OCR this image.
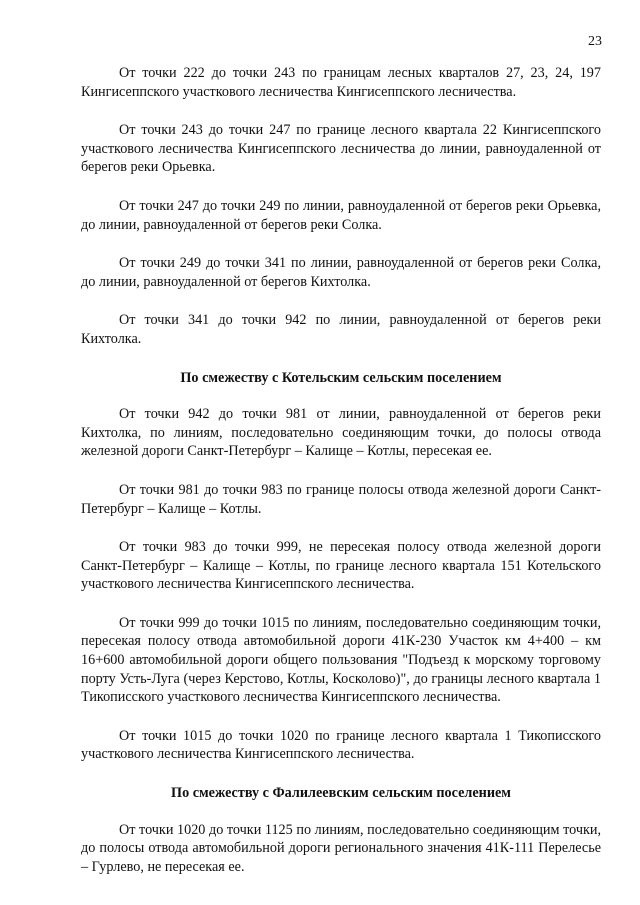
23

От точки 222 до точки 243 по границам лесных кварталов 27, 23, 24, 197 Кингисеппского участкового лесничества Кингисеппского лесничества.

От точки 243 до точки 247 по границе лесного квартала 22 Кингисеппского участкового лесничества Кингисеппского лесничества до линии, равноудаленной от берегов реки Орьевка.

От точки 247 до точки 249 по линии, равноудаленной от берегов реки Орьевка, до линии, равноудаленной от берегов реки Солка.

От точки 249 до точки 341 по линии, равноудаленной от берегов реки Солка, до линии, равноудаленной от берегов Кихтолка.

От точки 341 до точки 942 по линии, равноудаленной от берегов реки Кихтолка.

По смежеству с Котельским сельским поселением

От точки 942 до точки 981 от линии, равноудаленной от берегов реки Кихтолка, по линиям, последовательно соединяющим точки, до полосы отвода железной дороги Санкт-Петербург – Калище – Котлы, пересекая ее.

От точки 981 до точки 983 по границе полосы отвода железной дороги Санкт-Петербург – Калище – Котлы.

От точки 983 до точки 999, не пересекая полосу отвода железной дороги Санкт-Петербург – Калище – Котлы, по границе лесного квартала 151 Котельского участкового лесничества Кингисеппского лесничества.

От точки 999 до точки 1015 по линиям, последовательно соединяющим точки, пересекая полосу отвода автомобильной дороги 41К-230 Участок км 4+400 – км 16+600 автомобильной дороги общего пользования "Подъезд к морскому торговому порту Усть-Луга (через Керстово, Котлы, Косколово)", до границы лесного квартала 1 Тикописского участкового лесничества Кингисеппского лесничества.

От точки 1015 до точки 1020 по границе лесного квартала 1 Тикописского участкового лесничества Кингисеппского лесничества.

По смежеству с Фалилеевским сельским поселением

От точки 1020 до точки 1125 по линиям, последовательно соединяющим точки, до полосы отвода автомобильной дороги регионального значения 41К-111 Перелесье – Гурлево, не пересекая ее.
